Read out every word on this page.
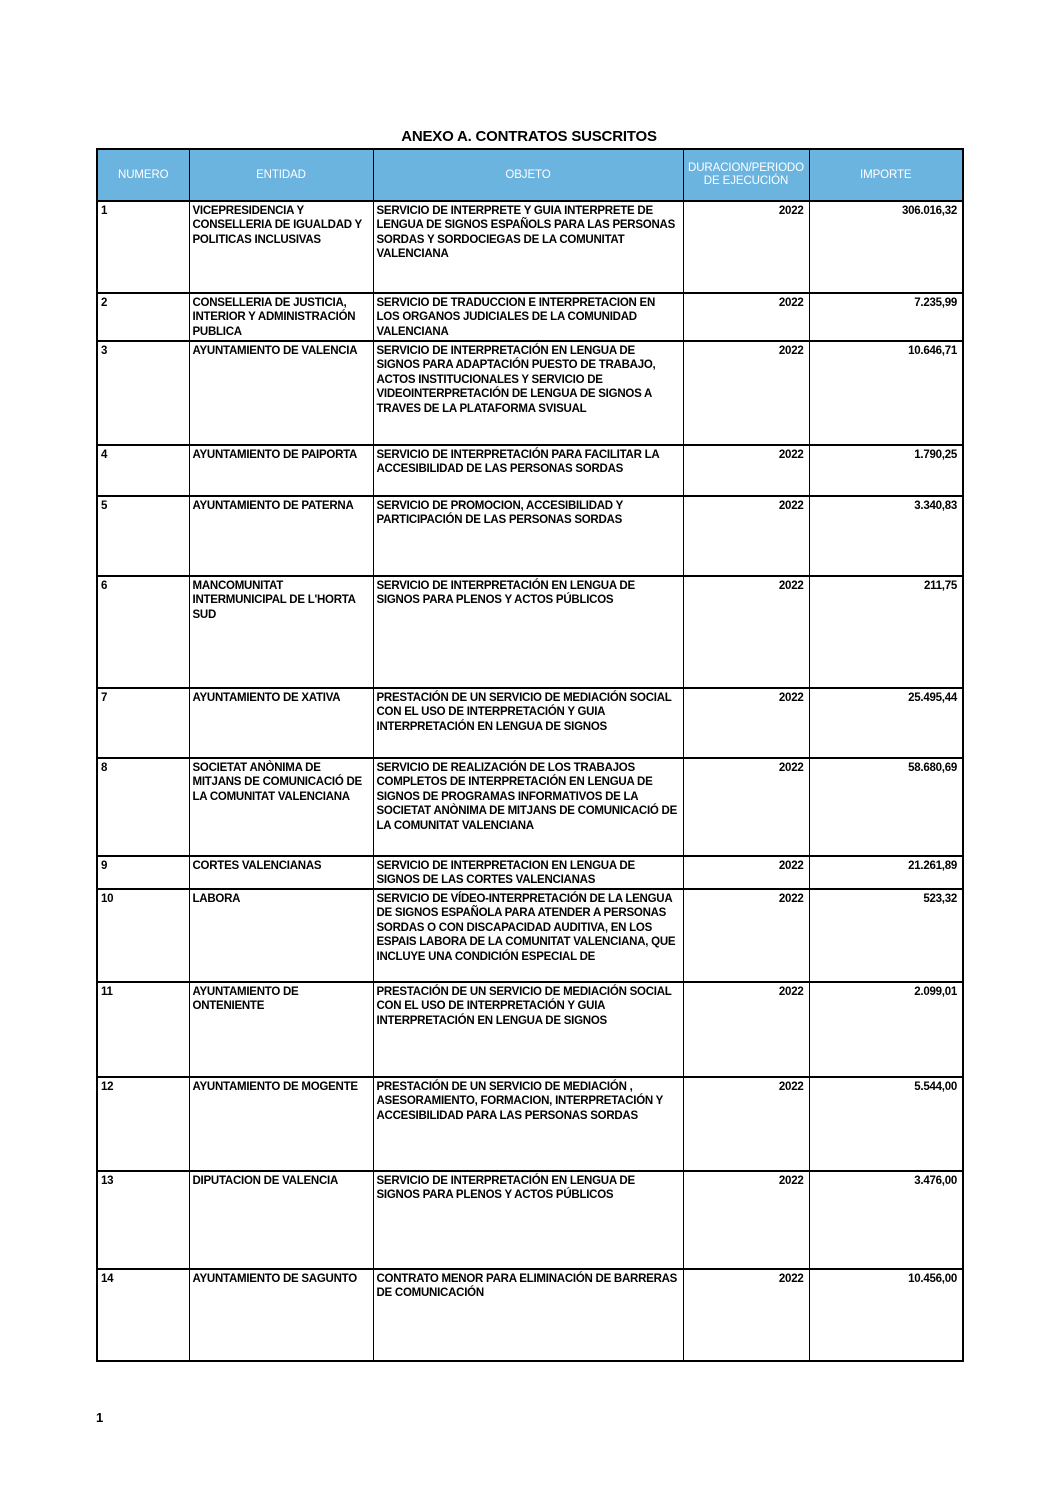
ANEXO A. CONTRATOS SUSCRITOS
NUMERO	ENTIDAD	OBJETO	DURACION/PERIODO DE EJECUCIÓN	IMPORTE
1	VICEPRESIDENCIA Y CONSELLERIA DE IGUALDAD Y POLITICAS INCLUSIVAS	SERVICIO DE INTERPRETE Y GUIA INTERPRETE DE LENGUA DE SIGNOS ESPAÑOLS PARA LAS PERSONAS SORDAS Y SORDOCIEGAS DE LA COMUNITAT VALENCIANA	2022	306.016,32
2	CONSELLERIA DE JUSTICIA, INTERIOR Y ADMINISTRACIÓN PUBLICA	SERVICIO DE TRADUCCION E INTERPRETACION EN LOS ORGANOS JUDICIALES DE LA COMUNIDAD VALENCIANA	2022	7.235,99
3	AYUNTAMIENTO DE VALENCIA	SERVICIO DE INTERPRETACIÓN EN LENGUA DE SIGNOS PARA ADAPTACIÓN PUESTO DE TRABAJO, ACTOS INSTITUCIONALES Y SERVICIO DE VIDEOINTERPRETACIÓN DE LENGUA DE SIGNOS A TRAVES DE LA PLATAFORMA SVISUAL	2022	10.646,71
4	AYUNTAMIENTO DE PAIPORTA	SERVICIO DE INTERPRETACIÓN PARA FACILITAR LA ACCESIBILIDAD DE LAS PERSONAS SORDAS	2022	1.790,25
5	AYUNTAMIENTO DE PATERNA	SERVICIO DE PROMOCION, ACCESIBILIDAD Y PARTICIPACIÓN DE LAS PERSONAS SORDAS	2022	3.340,83
6	MANCOMUNITAT INTERMUNICIPAL DE L'HORTA SUD	SERVICIO DE INTERPRETACIÓN EN LENGUA DE SIGNOS PARA PLENOS Y ACTOS PÚBLICOS	2022	211,75
7	AYUNTAMIENTO DE XATIVA	PRESTACIÓN DE UN SERVICIO DE MEDIACIÓN SOCIAL CON EL USO DE INTERPRETACIÓN Y GUIA INTERPRETACIÓN EN LENGUA DE SIGNOS	2022	25.495,44
8	SOCIETAT ANÒNIMA DE MITJANS DE COMUNICACIÓ DE LA COMUNITAT VALENCIANA	SERVICIO DE REALIZACIÓN DE LOS TRABAJOS COMPLETOS DE INTERPRETACIÓN EN LENGUA DE SIGNOS DE PROGRAMAS INFORMATIVOS DE LA SOCIETAT ANÒNIMA DE MITJANS DE COMUNICACIÓ DE LA COMUNITAT VALENCIANA	2022	58.680,69
9	CORTES VALENCIANAS	SERVICIO DE INTERPRETACION EN LENGUA DE SIGNOS DE LAS CORTES VALENCIANAS	2022	21.261,89
10	LABORA	SERVICIO DE VÍDEO-INTERPRETACIÓN DE LA LENGUA DE SIGNOS ESPAÑOLA PARA ATENDER A PERSONAS SORDAS O CON DISCAPACIDAD AUDITIVA, EN LOS ESPAIS LABORA DE LA COMUNITAT VALENCIANA, QUE INCLUYE UNA CONDICIÓN ESPECIAL DE	2022	523,32
11	AYUNTAMIENTO DE ONTENIENTE	PRESTACIÓN DE UN SERVICIO DE MEDIACIÓN SOCIAL CON EL USO DE INTERPRETACIÓN Y GUIA INTERPRETACIÓN EN LENGUA DE SIGNOS	2022	2.099,01
12	AYUNTAMIENTO DE MOGENTE	PRESTACIÓN DE UN SERVICIO DE MEDIACIÓN , ASESORAMIENTO, FORMACION, INTERPRETACIÓN Y ACCESIBILIDAD PARA LAS PERSONAS SORDAS	2022	5.544,00
13	DIPUTACION DE VALENCIA	SERVICIO DE INTERPRETACIÓN EN LENGUA DE SIGNOS PARA PLENOS Y ACTOS PÚBLICOS	2022	3.476,00
14	AYUNTAMIENTO DE SAGUNTO	CONTRATO MENOR PARA ELIMINACIÓN DE BARRERAS DE COMUNICACIÓN	2022	10.456,00
1
